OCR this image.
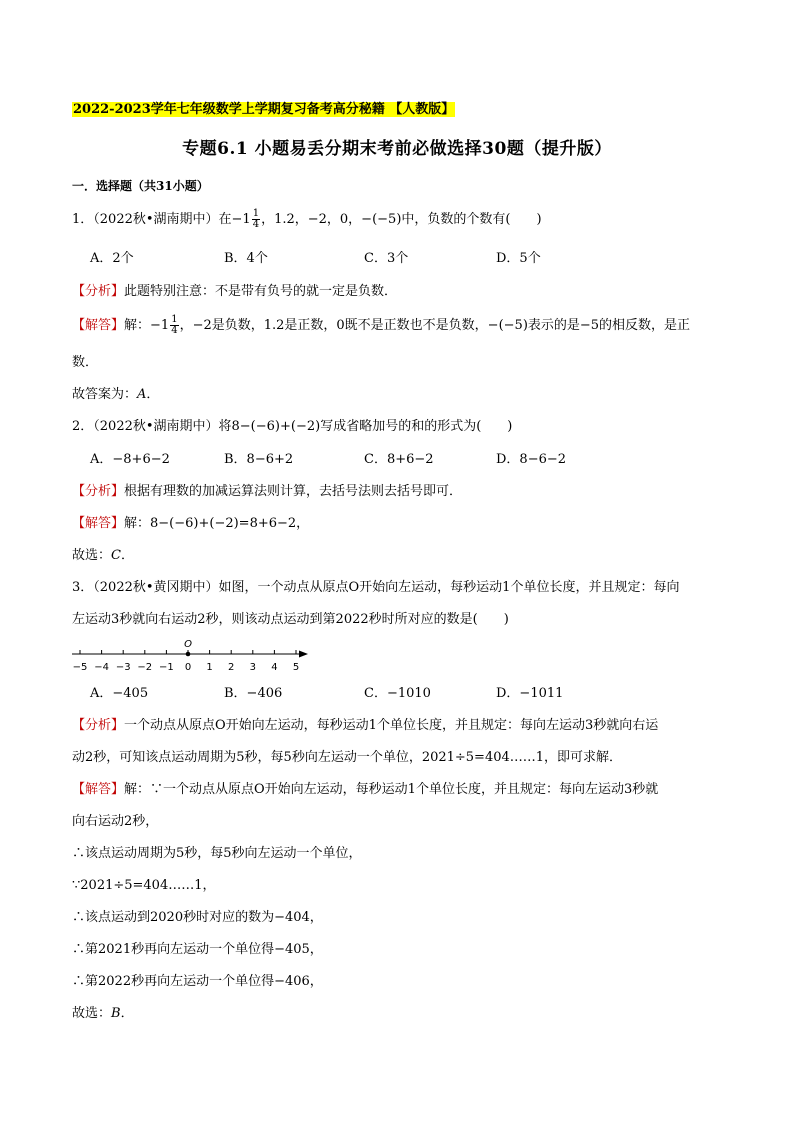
2022-2023学年七年级数学上学期复习备考高分秘籍 【人教版】
专题6.1 小题易丢分期末考前必做选择30题（提升版）
一．选择题（共31小题）
1．（2022秋•湖南期中）在$-1 \frac{1}{4}$ ，1.2，−2，0，−(−5)中，负数的个数有(　　)
A．2个	B．4个	C．3个	D．5个
【分析】此题特别注意：不是带有负号的就一定是负数．
【解答】解：$-1 \frac{1}{4}$ ，−2是负数，1.2是正数，0既不是正数也不是负数，−(−5)表示的是−5的相反数，是正
数．
故答案为：A．
2．（2022秋•湖南期中）将8−(−6)+(−2)写成省略加号的和的形式为(　　)
A．−8+6−2	B．8−6+2	C．8+6−2	D．8−6−2
【分析】根据有理数的加减运算法则计算，去括号法则去括号即可．
【解答】解：8−(−6)+(−2)=8+6−2，
故选：C．
3．（2022秋•黄冈期中）如图，一个动点从原点O开始向左运动，每秒运动1个单位长度，并且规定：每向
左运动3秒就向右运动2秒，则该动点运动到第2022秒时所对应的数是(　　)
O
−5 −4 −3 −2 −1 0 1 2 3 4 5
A．−405	B．−406	C．−1010	D．−1011
【分析】一个动点从原点O开始向左运动，每秒运动1个单位长度，并且规定：每向左运动3秒就向右运
动2秒，可知该点运动周期为5秒，每5秒向左运动一个单位，2021÷5=404……1，即可求解．
【解答】解：∵一个动点从原点O开始向左运动，每秒运动1个单位长度，并且规定：每向左运动3秒就
向右运动2秒，
∴该点运动周期为5秒，每5秒向左运动一个单位，
∵2021÷5=404……1，
∴该点运动到2020秒时对应的数为−404，
∴第2021秒再向左运动一个单位得−405，
∴第2022秒再向左运动一个单位得−406，
故选：B．
